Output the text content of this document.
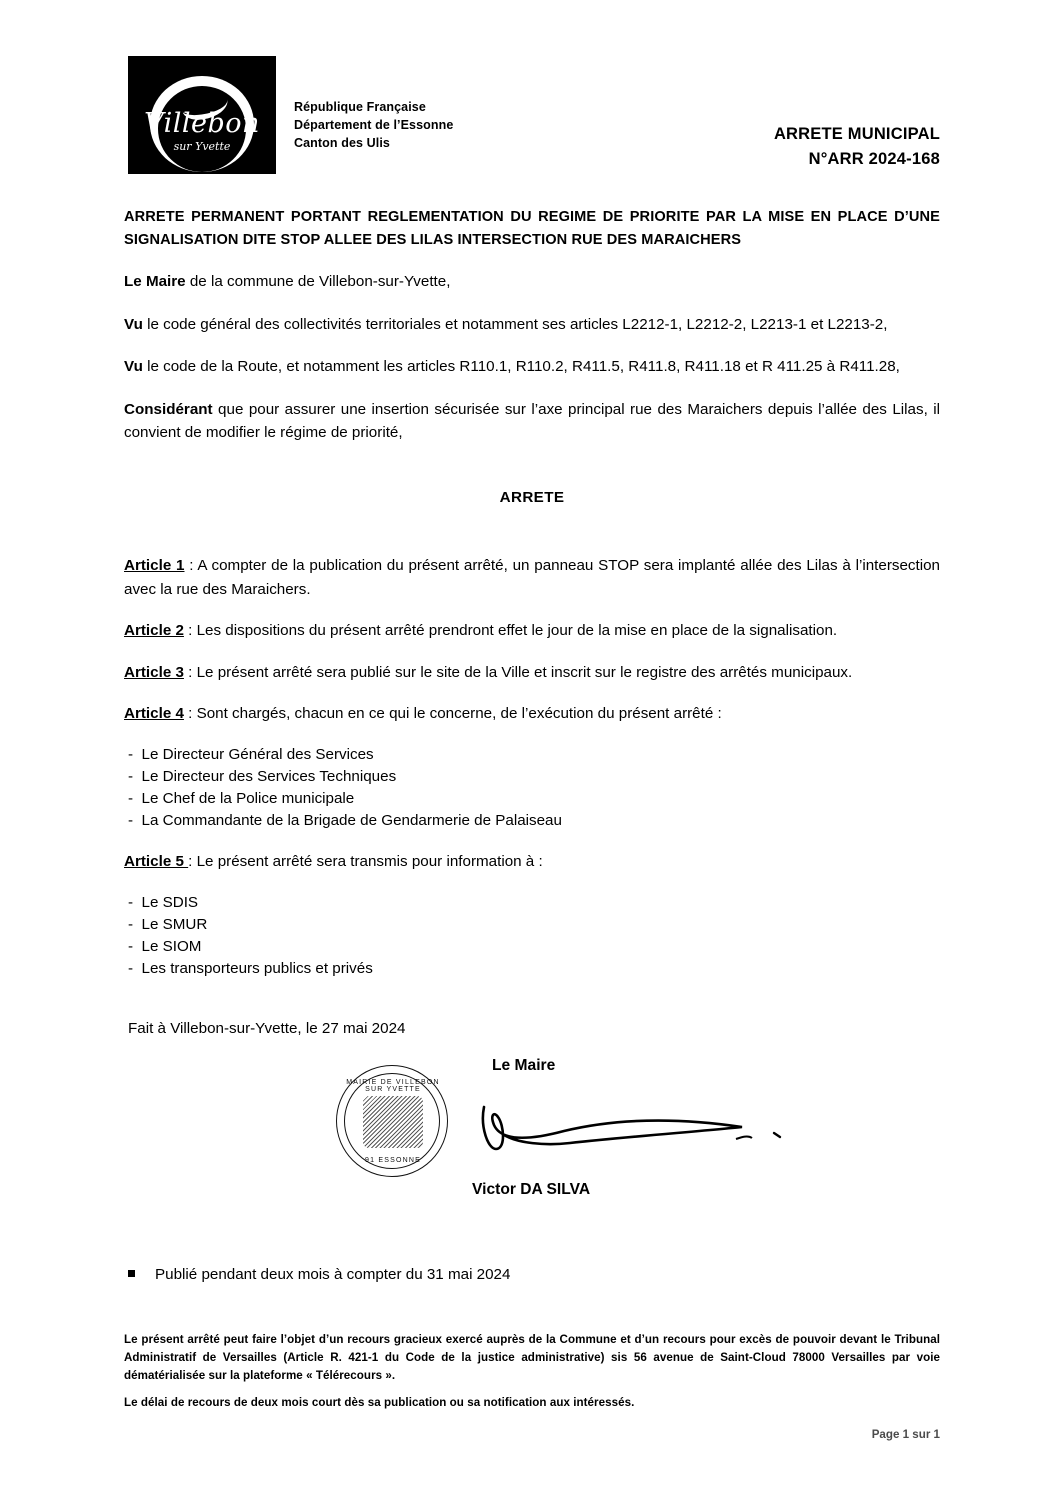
Villebon
sur Yvette
République Française
Département de l’Essonne
Canton des Ulis
ARRETE MUNICIPAL
N°ARR 2024-168
ARRETE PERMANENT PORTANT REGLEMENTATION DU REGIME DE PRIORITE PAR LA MISE EN PLACE D’UNE SIGNALISATION DITE STOP ALLEE DES LILAS INTERSECTION RUE DES MARAICHERS

Le Maire de la commune de Villebon-sur-Yvette,

Vu le code général des collectivités territoriales et notamment ses articles L2212-1, L2212-2, L2213-1 et L2213-2,

Vu le code de la Route, et notamment les articles R110.1, R110.2, R411.5, R411.8, R411.18 et R 411.25 à R411.28,

Considérant que pour assurer une insertion sécurisée sur l’axe principal rue des Maraichers depuis l’allée des Lilas, il convient de modifier le régime de priorité,

ARRETE

Article 1 : A compter de la publication du présent arrêté, un panneau STOP sera implanté allée des Lilas à l’intersection avec la rue des Maraichers.

Article 2 : Les dispositions du présent arrêté prendront effet le jour de la mise en place de la signalisation.

Article 3 : Le présent arrêté sera publié sur le site de la Ville et inscrit sur le registre des arrêtés municipaux.

Article 4 : Sont chargés, chacun en ce qui le concerne, de l’exécution du présent arrêté :

- Le Directeur Général des Services
- Le Directeur des Services Techniques
- Le Chef de la Police municipale
- La Commandante de la Brigade de Gendarmerie de Palaiseau

Article 5 : Le présent arrêté sera transmis pour information à :

- Le SDIS
- Le SMUR
- Le SIOM
- Les transporteurs publics et privés
Fait à Villebon-sur-Yvette, le 27 mai 2024
MAIRIE DE VILLEBON SUR YVETTE
91 ESSONNE
Le Maire
Victor DA SILVA
Publié pendant deux mois à compter du 31 mai 2024

Le présent arrêté peut faire l’objet d’un recours gracieux exercé auprès de la Commune et d’un recours pour excès de pouvoir devant le Tribunal Administratif de Versailles (Article R. 421-1 du Code de la justice administrative) sis 56 avenue de Saint-Cloud 78000 Versailles par voie dématérialisée sur la plateforme « Télérecours ».

Le délai de recours de deux mois court dès sa publication ou sa notification aux intéressés.

Page 1 sur 1
